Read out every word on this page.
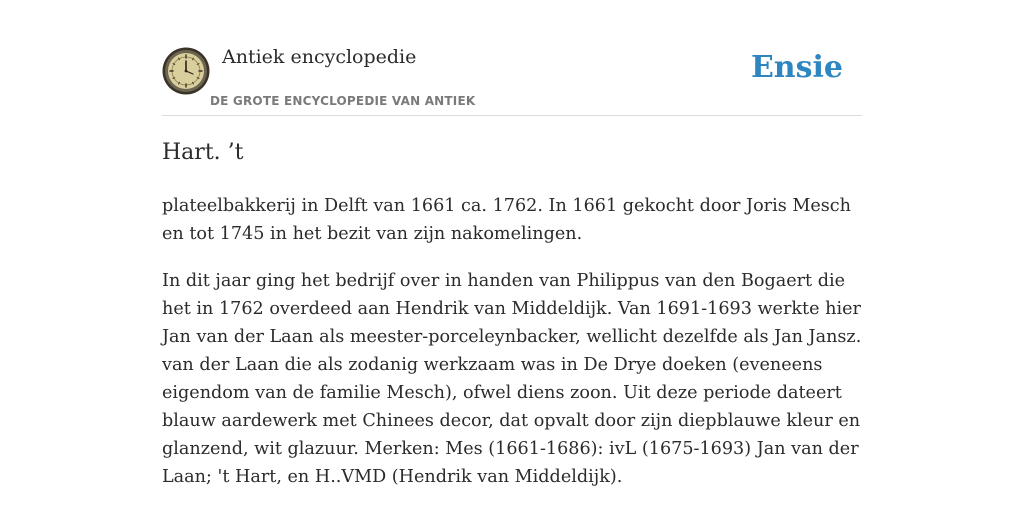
Antiek encyclopedie
DE GROTE ENCYCLOPEDIE VAN ANTIEK
Ensie
Hart. ’t

plateelbakkerij in Delft van 1661 ca. 1762. In 1661 gekocht door Joris Mesch en tot 1745 in het bezit van zijn nakomelingen.

In dit jaar ging het bedrijf over in handen van Philippus van den Bogaert die het in 1762 overdeed aan Hendrik van Middeldijk. Van 1691-1693 werkte hier Jan van der Laan als meester-porceleynbacker, wellicht dezelfde als Jan Jansz. van der Laan die als zodanig werkzaam was in De Drye doeken (eveneens eigendom van de familie Mesch), ofwel diens zoon. Uit deze periode dateert blauw aardewerk met Chinees decor, dat opvalt door zijn diepblauwe kleur en glanzend, wit glazuur. Merken: Mes (1661-1686): ivL (1675-1693) Jan van der Laan; 't Hart, en H..VMD (Hendrik van Middeldijk).
